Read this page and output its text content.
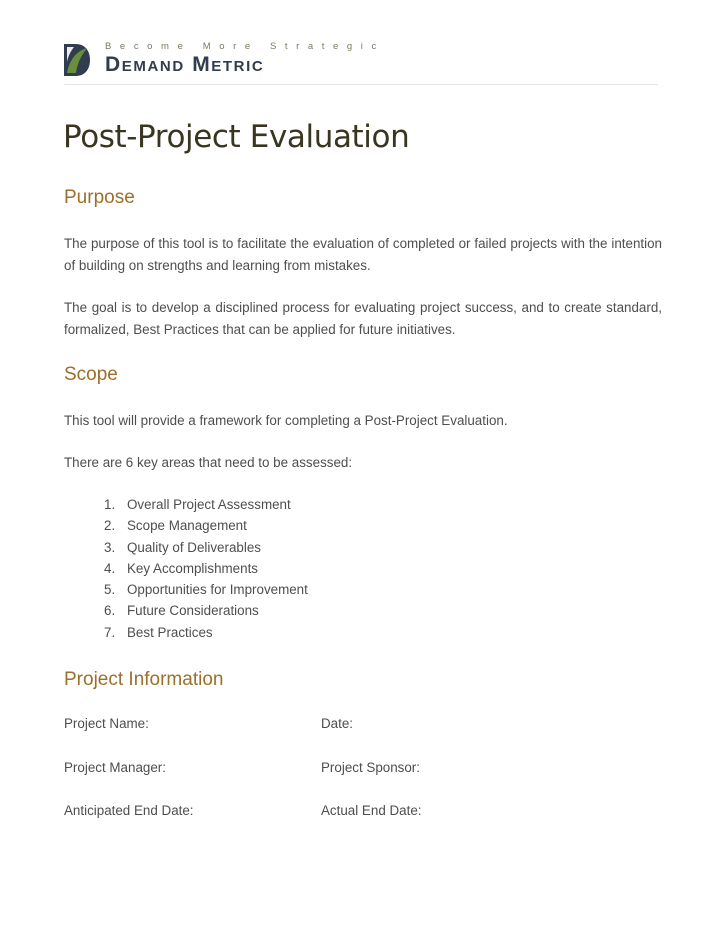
Become More Strategic
Demand Metric
Post-Project Evaluation
Purpose

The purpose of this tool is to facilitate the evaluation of completed or failed projects with the intention of building on strengths and learning from mistakes.

The goal is to develop a disciplined process for evaluating project success, and to create standard, formalized, Best Practices that can be applied for future initiatives.

Scope

This tool will provide a framework for completing a Post-Project Evaluation.

There are 6 key areas that need to be assessed:

1. Overall Project Assessment
2. Scope Management
3. Quality of Deliverables
4. Key Accomplishments
5. Opportunities for Improvement
6. Future Considerations
7. Best Practices
Project Information
Project Name:	Date:
Project Manager:	Project Sponsor:
Anticipated End Date:	Actual End Date:
